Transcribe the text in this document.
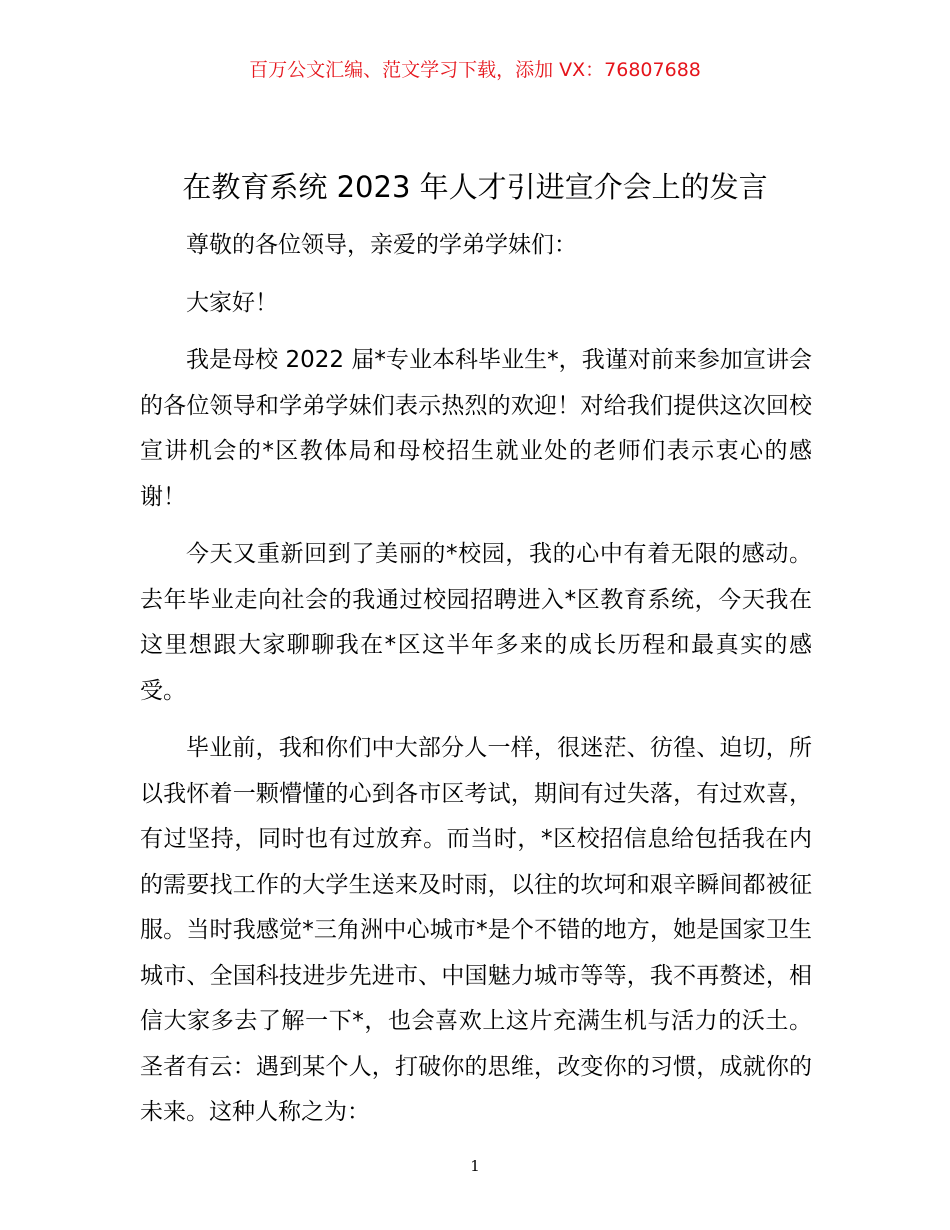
百万公文汇编、范文学习下载，添加 VX：76807688
在教育系统 2023 年人才引进宣介会上的发言

尊敬的各位领导，亲爱的学弟学妹们：

大家好！

我是母校 2022 届*专业本科毕业生*，我谨对前来参加宣讲会的各位领导和学弟学妹们表示热烈的欢迎！对给我们提供这次回校宣讲机会的*区教体局和母校招生就业处的老师们表示衷心的感谢！

今天又重新回到了美丽的*校园，我的心中有着无限的感动。去年毕业走向社会的我通过校园招聘进入*区教育系统，今天我在这里想跟大家聊聊我在*区这半年多来的成长历程和最真实的感受。

毕业前，我和你们中大部分人一样，很迷茫、彷徨、迫切，所以我怀着一颗懵懂的心到各市区考试，期间有过失落，有过欢喜，有过坚持，同时也有过放弃。而当时，*区校招信息给包括我在内的需要找工作的大学生送来及时雨，以往的坎坷和艰辛瞬间都被征服。当时我感觉*三角洲中心城市*是个不错的地方，她是国家卫生城市、全国科技进步先进市、中国魅力城市等等，我不再赘述，相信大家多去了解一下*，也会喜欢上这片充满生机与活力的沃土。圣者有云：遇到某个人，打破你的思维，改变你的习惯，成就你的未来。这种人称之为：

1
